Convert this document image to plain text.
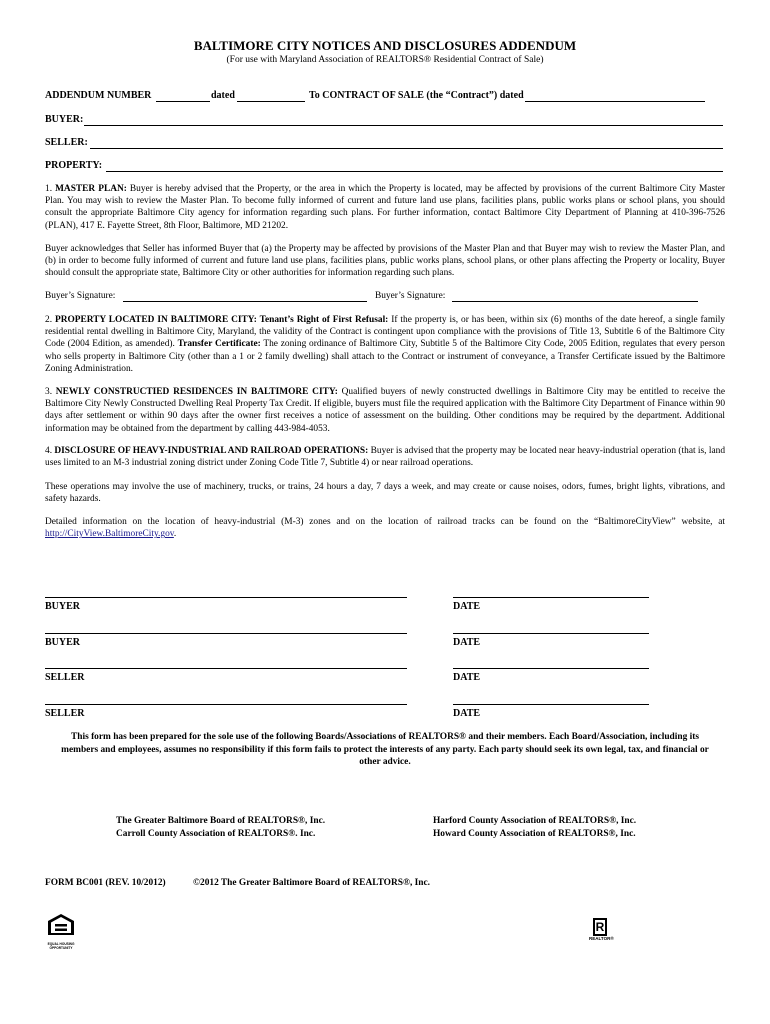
BALTIMORE CITY NOTICES AND DISCLOSURES ADDENDUM
(For use with Maryland Association of REALTORS® Residential Contract of Sale)
ADDENDUM NUMBER	dated	To CONTRACT OF SALE (the “Contract”) dated
BUYER:
SELLER:
PROPERTY:
1. MASTER PLAN: Buyer is hereby advised that the Property, or the area in which the Property is located, may be affected by provisions of the current Baltimore City Master Plan. You may wish to review the Master Plan. To become fully informed of current and future land use plans, facilities plans, public works plans or school plans, you should consult the appropriate Baltimore City agency for information regarding such plans. For further information, contact Baltimore City Department of Planning at 410-396-7526 (PLAN), 417 E. Fayette Street, 8th Floor, Baltimore, MD 21202.
Buyer acknowledges that Seller has informed Buyer that (a) the Property may be affected by provisions of the Master Plan and that Buyer may wish to review the Master Plan, and (b) in order to become fully informed of current and future land use plans, facilities plans, public works plans, school plans, or other plans affecting the Property or locality, Buyer should consult the appropriate state, Baltimore City or other authorities for information regarding such plans.
Buyer’s Signature:	Buyer’s Signature:
2. PROPERTY LOCATED IN BALTIMORE CITY: Tenant’s Right of First Refusal: If the property is, or has been, within six (6) months of the date hereof, a single family residential rental dwelling in Baltimore City, Maryland, the validity of the Contract is contingent upon compliance with the provisions of Title 13, Subtitle 6 of the Baltimore City Code (2004 Edition, as amended). Transfer Certificate: The zoning ordinance of Baltimore City, Subtitle 5 of the Baltimore City Code, 2005 Edition, regulates that every person who sells property in Baltimore City (other than a 1 or 2 family dwelling) shall attach to the Contract or instrument of conveyance, a Transfer Certificate issued by the Baltimore Zoning Administration.
3. NEWLY CONSTRUCTIED RESIDENCES IN BALTIMORE CITY: Qualified buyers of newly constructed dwellings in Baltimore City may be entitled to receive the Baltimore City Newly Constructed Dwelling Real Property Tax Credit. If eligible, buyers must file the required application with the Baltimore City Department of Finance within 90 days after settlement or within 90 days after the owner first receives a notice of assessment on the building. Other conditions may be required by the department. Additional information may be obtained from the department by calling 443-984-4053.
4. DISCLOSURE OF HEAVY-INDUSTRIAL AND RAILROAD OPERATIONS: Buyer is advised that the property may be located near heavy-industrial operation (that is, land uses limited to an M-3 industrial zoning district under Zoning Code Title 7, Subtitle 4) or near railroad operations.
These operations may involve the use of machinery, trucks, or trains, 24 hours a day, 7 days a week, and may create or cause noises, odors, fumes, bright lights, vibrations, and safety hazards.
Detailed information on the location of heavy-industrial (M-3) zones and on the location of railroad tracks can be found on the “BaltimoreCityView” website, at http://CityView.BaltimoreCity.gov.
BUYER	DATE
BUYER	DATE
SELLER	DATE
SELLER	DATE
This form has been prepared for the sole use of the following Boards/Associations of REALTORS® and their members. Each Board/Association, including its members and employees, assumes no responsibility if this form fails to protect the interests of any party. Each party should seek its own legal, tax, and financial or other advice.
The Greater Baltimore Board of REALTORS®, Inc.
Carroll County Association of REALTORS®. Inc.
Harford County Association of REALTORS®, Inc.
Howard County Association of REALTORS®, Inc.
FORM BC001 (REV. 10/2012)	©2012 The Greater Baltimore Board of REALTORS®, Inc.
EQUAL HOUSING OPPORTUNITY
R
REALTOR®
